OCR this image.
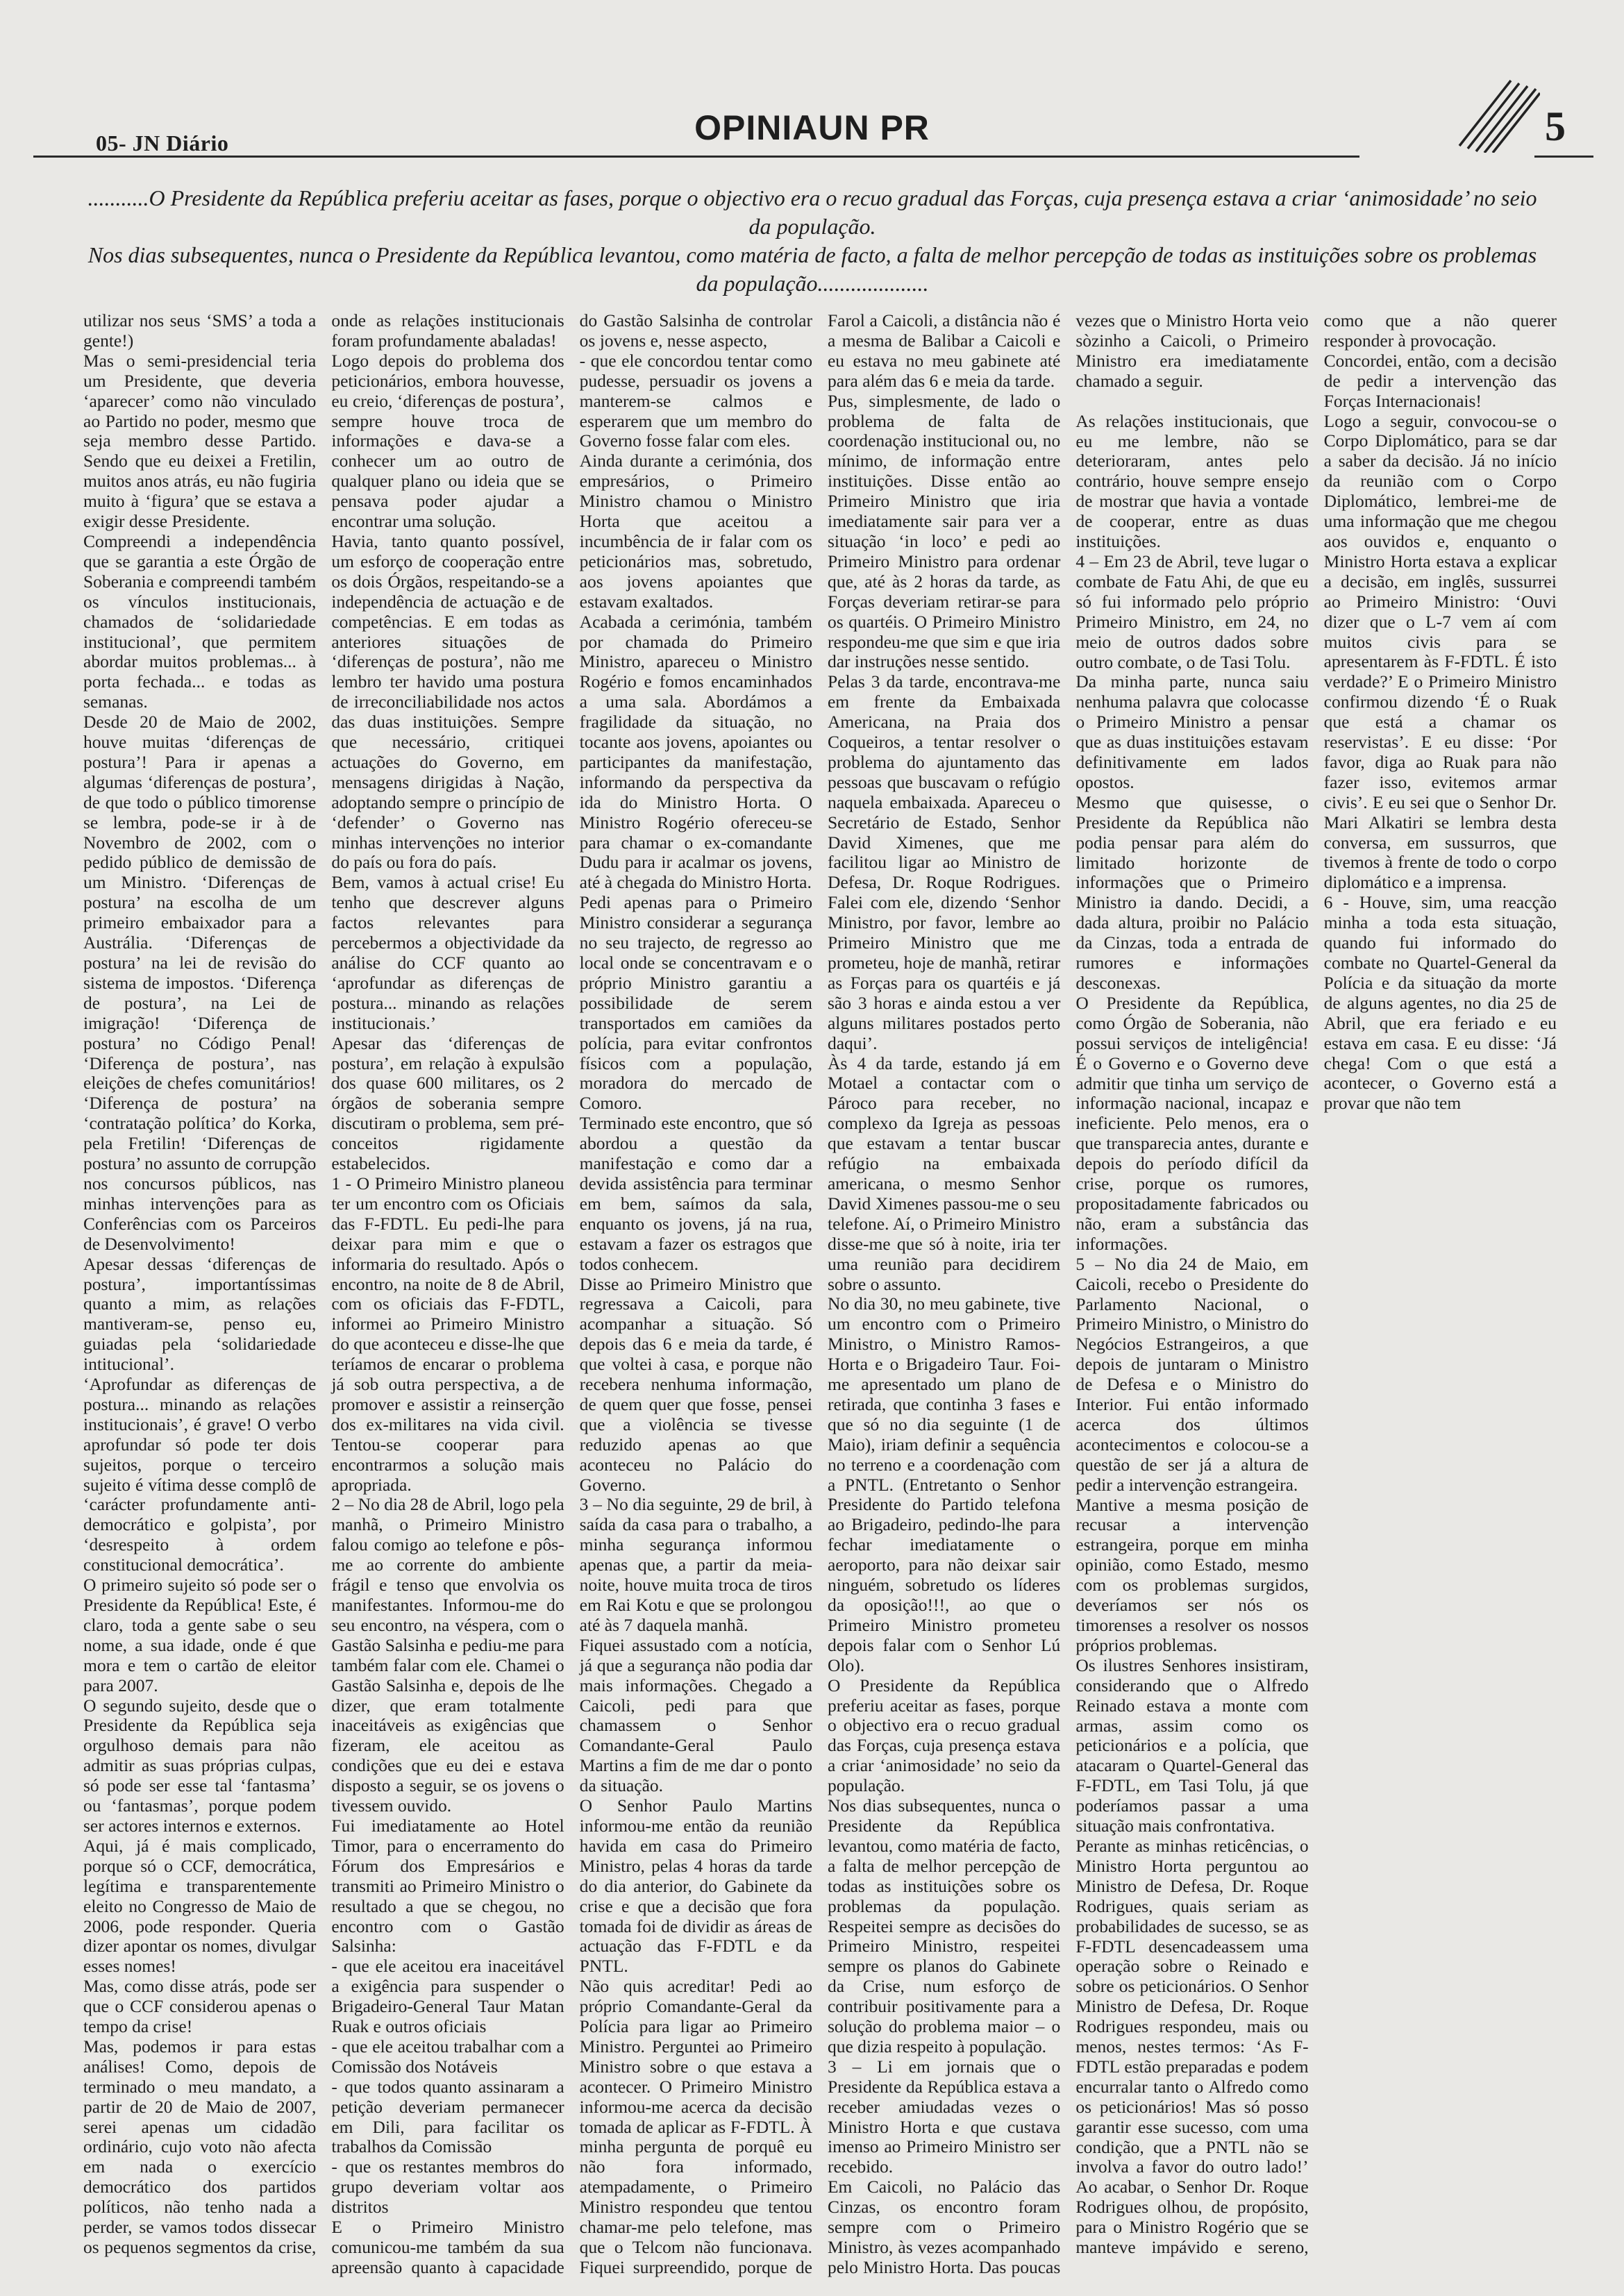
05- JN Diário	OPINIAUN PR	5

...........O Presidente da República preferiu aceitar as fases, porque o objectivo era o recuo gradual das Forças, cuja presença estava a criar ‘animosidade’ no seio da população.

Nos dias subsequentes, nunca o Presidente da República levantou, como matéria de facto, a falta de melhor percepção de todas as instituições sobre os problemas da população....................

utilizar nos seus ‘SMS’ a toda a gente!)

Mas o semi-presidencial teria um Presidente, que deveria ‘aparecer’ como não vinculado ao Partido no poder, mesmo que seja membro desse Partido. Sendo que eu deixei a Fretilin, muitos anos atrás, eu não fugiria muito à ‘figura’ que se estava a exigir desse Presidente.

Compreendi a independência que se garantia a este Órgão de Soberania e compreendi também os vínculos institucionais, chamados de ‘solidariedade institucional’, que permitem abordar muitos problemas... à porta fechada... e todas as semanas.

Desde 20 de Maio de 2002, houve muitas ‘diferenças de postura’! Para ir apenas a algumas ‘diferenças de postura’, de que todo o público timorense se lembra, pode-se ir à de Novembro de 2002, com o pedido público de demissão de um Ministro. ‘Diferenças de postura’ na escolha de um primeiro embaixador para a Austrália. ‘Diferenças de postura’ na lei de revisão do sistema de impostos. ‘Diferença de postura’, na Lei de imigração! ‘Diferença de postura’ no Código Penal! ‘Diferença de postura’, nas eleições de chefes comunitários! ‘Diferença de postura’ na ‘contratação política’ do Korka, pela Fretilin! ‘Diferenças de postura’ no assunto de corrupção nos concursos públicos, nas minhas intervenções para as Conferências com os Parceiros de Desenvolvimento!

Apesar dessas ‘diferenças de postura’, importantíssimas quanto a mim, as relações mantiveram-se, penso eu, guiadas pela ‘solidariedade intitucional’.

‘Aprofundar as diferenças de postura... minando as relações institucionais’, é grave! O verbo aprofundar só pode ter dois sujeitos, porque o terceiro sujeito é vítima desse complô de ‘carácter profundamente anti-democrático e golpista’, por ‘desrespeito à ordem constitucional democrática’.

O primeiro sujeito só pode ser o Presidente da República! Este, é claro, toda a gente sabe o seu nome, a sua idade, onde é que mora e tem o cartão de eleitor para 2007.

O segundo sujeito, desde que o Presidente da República seja orgulhoso demais para não admitir as suas próprias culpas, só pode ser esse tal ‘fantasma’ ou ‘fantasmas’, porque podem ser actores internos e externos.

Aqui, já é mais complicado, porque só o CCF, democrática, legítima e transparentemente eleito no Congresso de Maio de 2006, pode responder. Queria dizer apontar os nomes, divulgar esses nomes!

Mas, como disse atrás, pode ser que o CCF considerou apenas o tempo da crise!

Mas, podemos ir para estas análises! Como, depois de terminado o meu mandato, a partir de 20 de Maio de 2007, serei apenas um cidadão ordinário, cujo voto não afecta em nada o exercício democrático dos partidos políticos, não tenho nada a perder, se vamos todos dissecar os pequenos segmentos da crise, onde as relações institucionais foram profundamente abaladas!

Logo depois do problema dos peticionários, embora houvesse, eu creio, ‘diferenças de postura’, sempre houve troca de informações e dava-se a conhecer um ao outro de qualquer plano ou ideia que se pensava poder ajudar a encontrar uma solução.

Havia, tanto quanto possível, um esforço de cooperação entre os dois Órgãos, respeitando-se a independência de actuação e de competências. E em todas as anteriores situações de ‘diferenças de postura’, não me lembro ter havido uma postura de irreconciliabilidade nos actos das duas instituições. Sempre que necessário, critiquei actuações do Governo, em mensagens dirigidas à Nação, adoptando sempre o princípio de ‘defender’ o Governo nas minhas intervenções no interior do país ou fora do país.

Bem, vamos à actual crise! Eu tenho que descrever alguns factos relevantes para percebermos a objectividade da análise do CCF quanto ao ‘aprofundar as diferenças de postura... minando as relações institucionais.’

Apesar das ‘diferenças de postura’, em relação à expulsão dos quase 600 militares, os 2 órgãos de soberania sempre discutiram o problema, sem pré-conceitos rigidamente estabelecidos.

1 - O Primeiro Ministro planeou ter um encontro com os Oficiais das F-FDTL. Eu pedi-lhe para deixar para mim e que o informaria do resultado. Após o encontro, na noite de 8 de Abril, com os oficiais das F-FDTL, informei ao Primeiro Ministro do que aconteceu e disse-lhe que teríamos de encarar o problema já sob outra perspectiva, a de promover e assistir a reinserção dos ex-militares na vida civil. Tentou-se cooperar para encontrarmos a solução mais apropriada.

2 – No dia 28 de Abril, logo pela manhã, o Primeiro Ministro falou comigo ao telefone e pôs-me ao corrente do ambiente frágil e tenso que envolvia os manifestantes. Informou-me do seu encontro, na véspera, com o Gastão Salsinha e pediu-me para também falar com ele. Chamei o Gastão Salsinha e, depois de lhe dizer, que eram totalmente inaceitáveis as exigências que fizeram, ele aceitou as condições que eu dei e estava disposto a seguir, se os jovens o tivessem ouvido.

Fui imediatamente ao Hotel Timor, para o encerramento do Fórum dos Empresários e transmiti ao Primeiro Ministro o resultado a que se chegou, no encontro com o Gastão Salsinha:

- que ele aceitou era inaceitável a exigência para suspender o Brigadeiro-General Taur Matan Ruak e outros oficiais

- que ele aceitou trabalhar com a Comissão dos Notáveis

- que todos quanto assinaram a petição deveriam permanecer em Dili, para facilitar os trabalhos da Comissão

- que os restantes membros do grupo deveriam voltar aos distritos

E o Primeiro Ministro comunicou-me também da sua apreensão quanto à capacidade do Gastão Salsinha de controlar os jovens e, nesse aspecto,

- que ele concordou tentar como pudesse, persuadir os jovens a manterem-se calmos e esperarem que um membro do Governo fosse falar com eles.

Ainda durante a cerimónia, dos empresários, o Primeiro Ministro chamou o Ministro Horta que aceitou a incumbência de ir falar com os peticionários mas, sobretudo, aos jovens apoiantes que estavam exaltados.

Acabada a cerimónia, também por chamada do Primeiro Ministro, apareceu o Ministro Rogério e fomos encaminhados a uma sala. Abordámos a fragilidade da situação, no tocante aos jovens, apoiantes ou participantes da manifestação, informando da perspectiva da ida do Ministro Horta. O Ministro Rogério ofereceu-se para chamar o ex-comandante Dudu para ir acalmar os jovens, até à chegada do Ministro Horta.

Pedi apenas para o Primeiro Ministro considerar a segurança no seu trajecto, de regresso ao local onde se concentravam e o próprio Ministro garantiu a possibilidade de serem transportados em camiões da polícia, para evitar confrontos físicos com a população, moradora do mercado de Comoro.

Terminado este encontro, que só abordou a questão da manifestação e como dar a devida assistência para terminar em bem, saímos da sala, enquanto os jovens, já na rua, estavam a fazer os estragos que todos conhecem.

Disse ao Primeiro Ministro que regressava a Caicoli, para acompanhar a situação. Só depois das 6 e meia da tarde, é que voltei à casa, e porque não recebera nenhuma informação, de quem quer que fosse, pensei que a violência se tivesse reduzido apenas ao que aconteceu no Palácio do Governo.

3 – No dia seguinte, 29 de bril, à saída da casa para o trabalho, a minha segurança informou apenas que, a partir da meia-noite, houve muita troca de tiros em Rai Kotu e que se prolongou até às 7 daquela manhã.

Fiquei assustado com a notícia, já que a segurança não podia dar mais informações. Chegado a Caicoli, pedi para que chamassem o Senhor Comandante-Geral Paulo Martins a fim de me dar o ponto da situação.

O Senhor Paulo Martins informou-me então da reunião havida em casa do Primeiro Ministro, pelas 4 horas da tarde do dia anterior, do Gabinete da crise e que a decisão que fora tomada foi de dividir as áreas de actuação das F-FDTL e da PNTL.

Não quis acreditar! Pedi ao próprio Comandante-Geral da Polícia para ligar ao Primeiro Ministro. Perguntei ao Primeiro Ministro sobre o que estava a acontecer. O Primeiro Ministro informou-me acerca da decisão tomada de aplicar as F-FDTL. À minha pergunta de porquê eu não fora informado, atempadamente, o Primeiro Ministro respondeu que tentou chamar-me pelo telefone, mas que o Telcom não funcionava. Fiquei surpreendido, porque de Farol a Caicoli, a distância não é a mesma de Balibar a Caicoli e eu estava no meu gabinete até para além das 6 e meia da tarde.

Pus, simplesmente, de lado o problema de falta de coordenação institucional ou, no mínimo, de informação entre instituições. Disse então ao Primeiro Ministro que iria imediatamente sair para ver a situação ‘in loco’ e pedi ao Primeiro Ministro para ordenar que, até às 2 horas da tarde, as Forças deveriam retirar-se para os quartéis. O Primeiro Ministro respondeu-me que sim e que iria dar instruções nesse sentido.

Pelas 3 da tarde, encontrava-me em frente da Embaixada Americana, na Praia dos Coqueiros, a tentar resolver o problema do ajuntamento das pessoas que buscavam o refúgio naquela embaixada. Apareceu o Secretário de Estado, Senhor David Ximenes, que me facilitou ligar ao Ministro de Defesa, Dr. Roque Rodrigues. Falei com ele, dizendo ‘Senhor Ministro, por favor, lembre ao Primeiro Ministro que me prometeu, hoje de manhã, retirar as Forças para os quartéis e já são 3 horas e ainda estou a ver alguns militares postados perto daqui’.

Às 4 da tarde, estando já em Motael a contactar com o Pároco para receber, no complexo da Igreja as pessoas que estavam a tentar buscar refúgio na embaixada americana, o mesmo Senhor David Ximenes passou-me o seu telefone. Aí, o Primeiro Ministro disse-me que só à noite, iria ter uma reunião para decidirem sobre o assunto.

No dia 30, no meu gabinete, tive um encontro com o Primeiro Ministro, o Ministro Ramos-Horta e o Brigadeiro Taur. Foi-me apresentado um plano de retirada, que continha 3 fases e que só no dia seguinte (1 de Maio), iriam definir a sequência no terreno e a coordenação com a PNTL. (Entretanto o Senhor Presidente do Partido telefona ao Brigadeiro, pedindo-lhe para fechar imediatamente o aeroporto, para não deixar sair ninguém, sobretudo os líderes da oposição!!!, ao que o Primeiro Ministro prometeu depois falar com o Senhor Lú Olo).

O Presidente da República preferiu aceitar as fases, porque o objectivo era o recuo gradual das Forças, cuja presença estava a criar ‘animosidade’ no seio da população.

Nos dias subsequentes, nunca o Presidente da República levantou, como matéria de facto, a falta de melhor percepção de todas as instituições sobre os problemas da população. Respeitei sempre as decisões do Primeiro Ministro, respeitei sempre os planos do Gabinete da Crise, num esforço de contribuir positivamente para a solução do problema maior – o que dizia respeito à população.

3 – Li em jornais que o Presidente da República estava a receber amiudadas vezes o Ministro Horta e que custava imenso ao Primeiro Ministro ser recebido.

Em Caicoli, no Palácio das Cinzas, os encontro foram sempre com o Primeiro Ministro, às vezes acompanhado pelo Ministro Horta. Das poucas vezes que o Ministro Horta veio sòzinho a Caicoli, o Primeiro Ministro era imediatamente chamado a seguir.

As relações institucionais, que eu me lembre, não se deterioraram, antes pelo contrário, houve sempre ensejo de mostrar que havia a vontade de cooperar, entre as duas instituições.

4 – Em 23 de Abril, teve lugar o combate de Fatu Ahi, de que eu só fui informado pelo próprio Primeiro Ministro, em 24, no meio de outros dados sobre outro combate, o de Tasi Tolu.

Da minha parte, nunca saiu nenhuma palavra que colocasse o Primeiro Ministro a pensar que as duas instituições estavam definitivamente em lados opostos.

Mesmo que quisesse, o Presidente da República não podia pensar para além do limitado horizonte de informações que o Primeiro Ministro ia dando. Decidi, a dada altura, proibir no Palácio da Cinzas, toda a entrada de rumores e informações desconexas.

O Presidente da República, como Órgão de Soberania, não possui serviços de inteligência! É o Governo e o Governo deve admitir que tinha um serviço de informação nacional, incapaz e ineficiente. Pelo menos, era o que transparecia antes, durante e depois do período difícil da crise, porque os rumores, propositadamente fabricados ou não, eram a substância das informações.

5 – No dia 24 de Maio, em Caicoli, recebo o Presidente do Parlamento Nacional, o Primeiro Ministro, o Ministro do Negócios Estrangeiros, a que depois de juntaram o Ministro de Defesa e o Ministro do Interior. Fui então informado acerca dos últimos acontecimentos e colocou-se a questão de ser já a altura de pedir a intervenção estrangeira.

Mantive a mesma posição de recusar a intervenção estrangeira, porque em minha opinião, como Estado, mesmo com os problemas surgidos, deveríamos ser nós os timorenses a resolver os nossos próprios problemas.

Os ilustres Senhores insistiram, considerando que o Alfredo Reinado estava a monte com armas, assim como os peticionários e a polícia, que atacaram o Quartel-General das F-FDTL, em Tasi Tolu, já que poderíamos passar a uma situação mais confrontativa.

Perante as minhas reticências, o Ministro Horta perguntou ao Ministro de Defesa, Dr. Roque Rodrigues, quais seriam as probabilidades de sucesso, se as F-FDTL desencadeassem uma operação sobre o Reinado e sobre os peticionários. O Senhor Ministro de Defesa, Dr. Roque Rodrigues respondeu, mais ou menos, nestes termos: ‘As F-FDTL estão preparadas e podem encurralar tanto o Alfredo como os peticionários! Mas só posso garantir esse sucesso, com uma condição, que a PNTL não se involva a favor do outro lado!’ Ao acabar, o Senhor Dr. Roque Rodrigues olhou, de propósito, para o Ministro Rogério que se manteve impávido e sereno, como que a não querer responder à provocação.

Concordei, então, com a decisão de pedir a intervenção das Forças Internacionais!

Logo a seguir, convocou-se o Corpo Diplomático, para se dar a saber da decisão. Já no início da reunião com o Corpo Diplomático, lembrei-me de uma informação que me chegou aos ouvidos e, enquanto o Ministro Horta estava a explicar a decisão, em inglês, sussurrei ao Primeiro Ministro: ‘Ouvi dizer que o L-7 vem aí com muitos civis para se apresentarem às F-FDTL. É isto verdade?’ E o Primeiro Ministro confirmou dizendo ‘É o Ruak que está a chamar os reservistas’. E eu disse: ‘Por favor, diga ao Ruak para não fazer isso, evitemos armar civis’. E eu sei que o Senhor Dr. Mari Alkatiri se lembra desta conversa, em sussurros, que tivemos à frente de todo o corpo diplomático e a imprensa.

6 - Houve, sim, uma reacção minha a toda esta situação, quando fui informado do combate no Quartel-General da Polícia e da situação da morte de alguns agentes, no dia 25 de Abril, que era feriado e eu estava em casa. E eu disse: ‘Já chega! Com o que está a acontecer, o Governo está a provar que não tem
